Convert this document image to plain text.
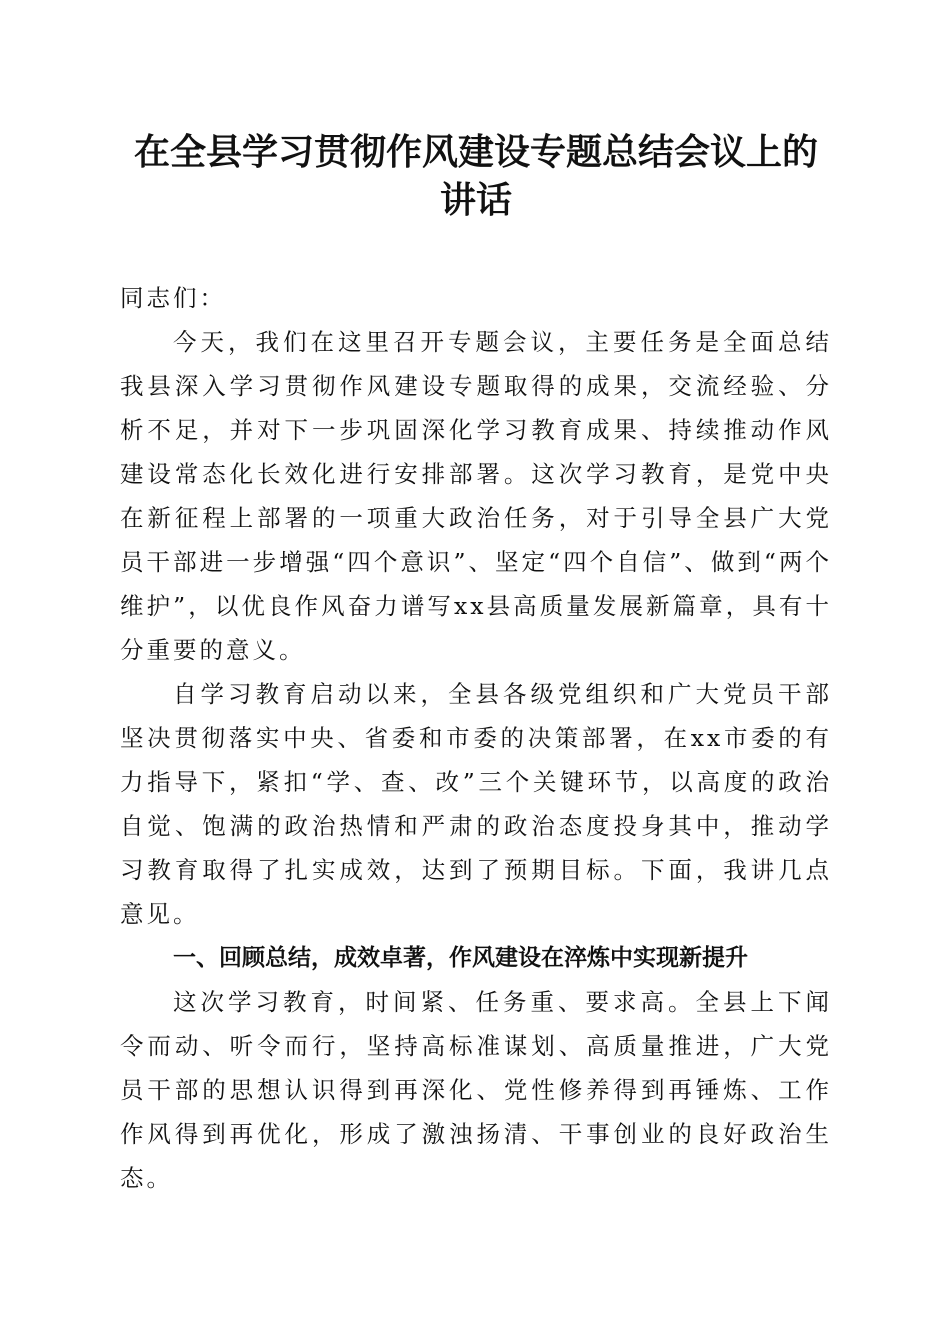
在全县学习贯彻作风建设专题总结会议上的讲话

同志们：

今天，我们在这里召开专题会议，主要任务是全面总结我县深入学习贯彻作风建设专题取得的成果，交流经验、分析不足，并对下一步巩固深化学习教育成果、持续推动作风建设常态化长效化进行安排部署。这次学习教育，是党中央在新征程上部署的一项重大政治任务，对于引导全县广大党员干部进一步增强“四个意识”、坚定“四个自信”、做到“两个维护”，以优良作风奋力谱写xx县高质量发展新篇章，具有十分重要的意义。

自学习教育启动以来，全县各级党组织和广大党员干部坚决贯彻落实中央、省委和市委的决策部署，在xx市委的有力指导下，紧扣“学、查、改”三个关键环节，以高度的政治自觉、饱满的政治热情和严肃的政治态度投身其中，推动学习教育取得了扎实成效，达到了预期目标。下面，我讲几点意见。

一、回顾总结，成效卓著，作风建设在淬炼中实现新提升

这次学习教育，时间紧、任务重、要求高。全县上下闻令而动、听令而行，坚持高标准谋划、高质量推进，广大党员干部的思想认识得到再深化、党性修养得到再锤炼、工作作风得到再优化，形成了激浊扬清、干事创业的良好政治生态。
